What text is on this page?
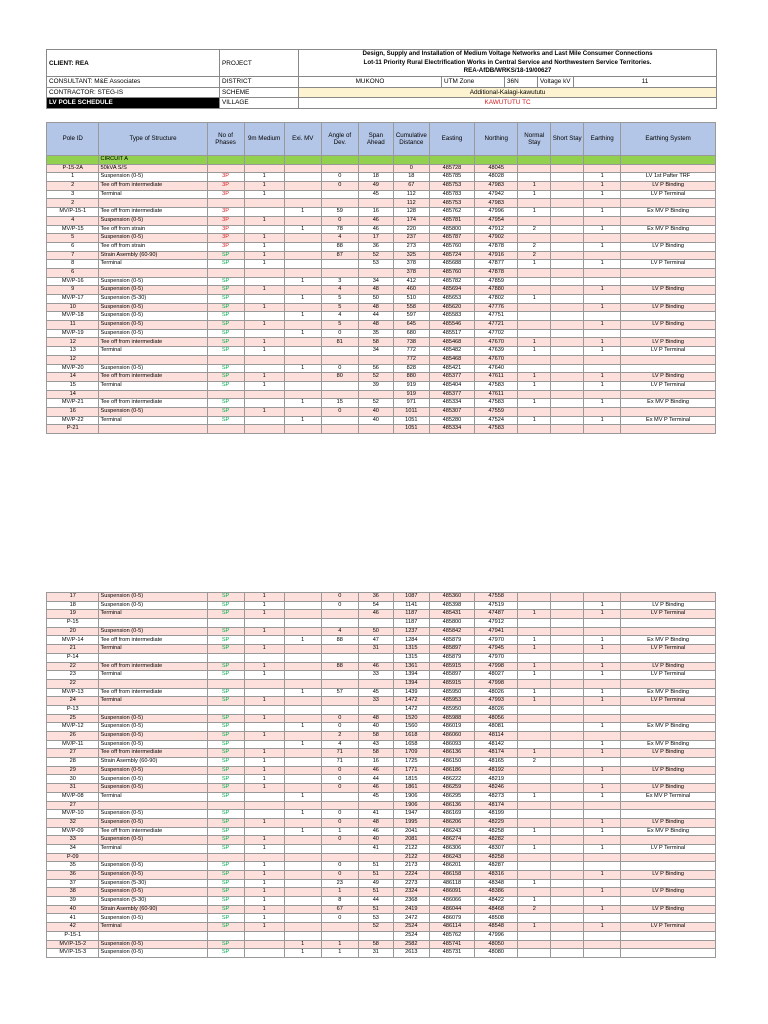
CLIENT: REA	PROJECT	Design, Supply and Installation of Medium Voltage Networks and Last Mile Consumer Connections
Lot-11 Priority Rural Electrification Works in Central Service and Northwestern Service Territories.
REA-AfDB/WRKS/18-19/00627				

CONSULTANT: M&E Associates	DISTRICT	MUKONO	UTM Zone	36N	Voltage kV	11
CONTRACTOR: STEG-IS	SCHEME	Additional-Kalagi-kawututu				
LV POLE SCHEDULE	VILLAGE	KAWUTUTU TC				
Pole ID	Type of Structure	No of Phases	9m Medium	Exi. MV	Angle of Dev.	Span Ahead	Cumulative Distance	Easting	Northing	Normal Stay	Short Stay	Earthing	Earthing System
	CIRCUIT A												
P-15-2A	50kVA S/S						0	485728	48045				
1	Suspension (0-5)	3P	1		0	18	18	485785	48028			1	LV 1st Pafter TRF
2	Tee off from intermediate	3P	1		0	49	67	485753	47983	1		1	LV P Binding
3	Terminal	3P	1			45	112	485783	47942	1		1	LV P Terminal
2							112	485753	47983				
MV/P-15-1	Tee off from intermediate	3P		1	59	16	128	485762	47996	1		1	Ex MV P Binding
4	Suspension (0-5)	3P	1		0	46	174	485781	47954				
MV/P-15	Tee off from strain	3P		1	78	46	220	485800	47912	2		1	Ex MV P Binding
5	Suspension (0-5)	3P	1		4	17	237	485787	47902				
6	Tee off from strain	3P	1		88	36	273	485760	47878	2		1	LV P Binding
7	Strain Asembly (60-90)	SP	1		87	52	325	485724	47916	2			
8	Terminal	SP	1			53	378	485688	47877	1		1	LV P Terminal
6							378	485760	47878				
MV/P-16	Suspension (0-5)	SP		1	3	34	412	485782	47859				
9	Suspension (0-5)	SP	1		4	48	460	485694	47880			1	LV P Binding
MV/P-17	Suspension (5-30)	SP		1	5	50	510	485653	47802	1			
10	Suspension (0-5)	SP	1		5	48	558	485620	47776			1	LV P Binding
MV/P-18	Suspension (0-5)	SP		1	4	44	597	485583	47751				
11	Suspension (0-5)	SP	1		5	48	645	485546	47721			1	LV P Binding
MV/P-19	Suspension (0-5)	SP		1	0	35	680	485517	47702				
12	Tee off from intermediate	SP	1		81	58	738	485468	47670	1		1	LV P Binding
13	Terminal	SP	1			34	772	485482	47639	1		1	LV P Terminal
12							772	485468	47670				
MV/P-20	Suspension (0-5)	SP		1	0	56	828	485421	47640				
14	Tee off from intermediate	SP	1		80	52	880	485377	47611	1		1	LV P Binding
15	Terminal	SP	1			39	919	485404	47583	1		1	LV P Terminal
14							919	485377	47611				
MV/P-21	Tee off from intermediate	SP		1	15	52	971	485334	47583	1		1	Ex MV P Binding
16	Suspension (0-5)	SP	1		0	40	1011	485307	47559				
MV/P-22	Terminal	SP		1		40	1051	485280	47524	1		1	Ex MV P Terminal
P-21							1051	485334	47583				
17	Suspension (0-5)	SP	1		0	36	1087	485360	47558				
18	Suspension (0-5)	SP	1		0	54	1141	485398	47519			1	LV P Binding
19	Terminal	SP	1			46	1187	485431	47487	1		1	LV P Terminal
P-15							1187	485800	47912				
20	Suspension (0-5)	SP	1		4	50	1237	485842	47941				
MV/P-14	Tee off from intermediate	SP		1	88	47	1284	485879	47970	1		1	Ex MV P Binding
21	Terminal	SP	1			31	1315	485897	47945	1		1	LV P Terminal
P-14							1315	485879	47970				
22	Tee off from intermediate	SP	1		88	46	1361	485915	47998	1		1	LV P Binding
23	Terminal	SP	1			33	1394	485897	48027	1		1	LV P Terminal
22							1394	485915	47998				
MV/P-13	Tee off from intermediate	SP		1	57	45	1439	485950	48026	1		1	Ex MV P Binding
24	Terminal	SP	1			33	1472	485953	47993	1		1	LV P Terminal
P-13							1472	485950	48026				
25	Suspension (0-5)	SP	1		0	48	1520	485988	48056				
MV/P-12	Suspension (0-5)	SP		1	0	40	1560	486019	48081			1	Ex MV P Binding
26	Suspension (0-5)	SP	1		2	58	1618	486060	48114				
MV/P-11	Suspension (0-5)	SP		1	4	43	1658	486093	48142			1	Ex MV P Binding
27	Tee off from intermediate	SP	1		71	58	1709	486136	48174	1		1	LV P Binding
28	Strain Asembly (60-90)	SP	1		71	16	1725	486150	48165	2			
29	Suspension (0-5)	SP	1		0	46	1771	486186	48192			1	LV P Binding
30	Suspension (0-5)	SP	1		0	44	1815	486222	48219				
31	Suspension (0-5)	SP	1		0	46	1861	486259	48246			1	LV P Binding
MV/P-08	Terminal	SP		1		45	1906	486295	48273	1		1	Ex MV P Terminal
27							1906	486136	48174				
MV/P-10	Suspension (0-5)	SP		1	0	41	1947	486169	48199				
32	Suspension (0-5)	SP	1		0	48	1995	486206	48229			1	LV P Binding
MV/P-09	Tee off from intermediate	SP		1	1	46	2041	486243	48258	1		1	Ex MV P Binding
33	Suspension (0-5)	SP	1		0	40	2081	486274	48282				
34	Terminal	SP	1			41	2122	486306	48307	1		1	LV P Terminal
P-09							2122	486243	48258				
35	Suspension (0-5)	SP	1		0	51	2173	486201	48287				
36	Suspension (0-5)	SP	1		0	51	2224	486158	48316			1	LV P Binding
37	Suspension (5-30)	SP	1		23	49	2273	486118	48348	1			
38	Suspension (0-5)	SP	1		1	51	2324	486091	48386			1	LV P Binding
39	Suspension (5-30)	SP	1		8	44	2368	486066	48422	1			
40	Strain Asembly (60-90)	SP	1		67	51	2419	486044	48468	2		1	LV P Binding
41	Suspension (0-5)	SP	1		0	53	2472	486079	48508				
42	Terminal	SP	1			52	2524	486114	48548	1		1	LV P Terminal
P-15-1							2524	485762	47996				
MV/P-15-2	Suspension (0-5)	SP		1	1	58	2582	485741	48050				
MV/P-15-3	Suspension (0-5)	SP		1	1	31	2613	485731	48080				
